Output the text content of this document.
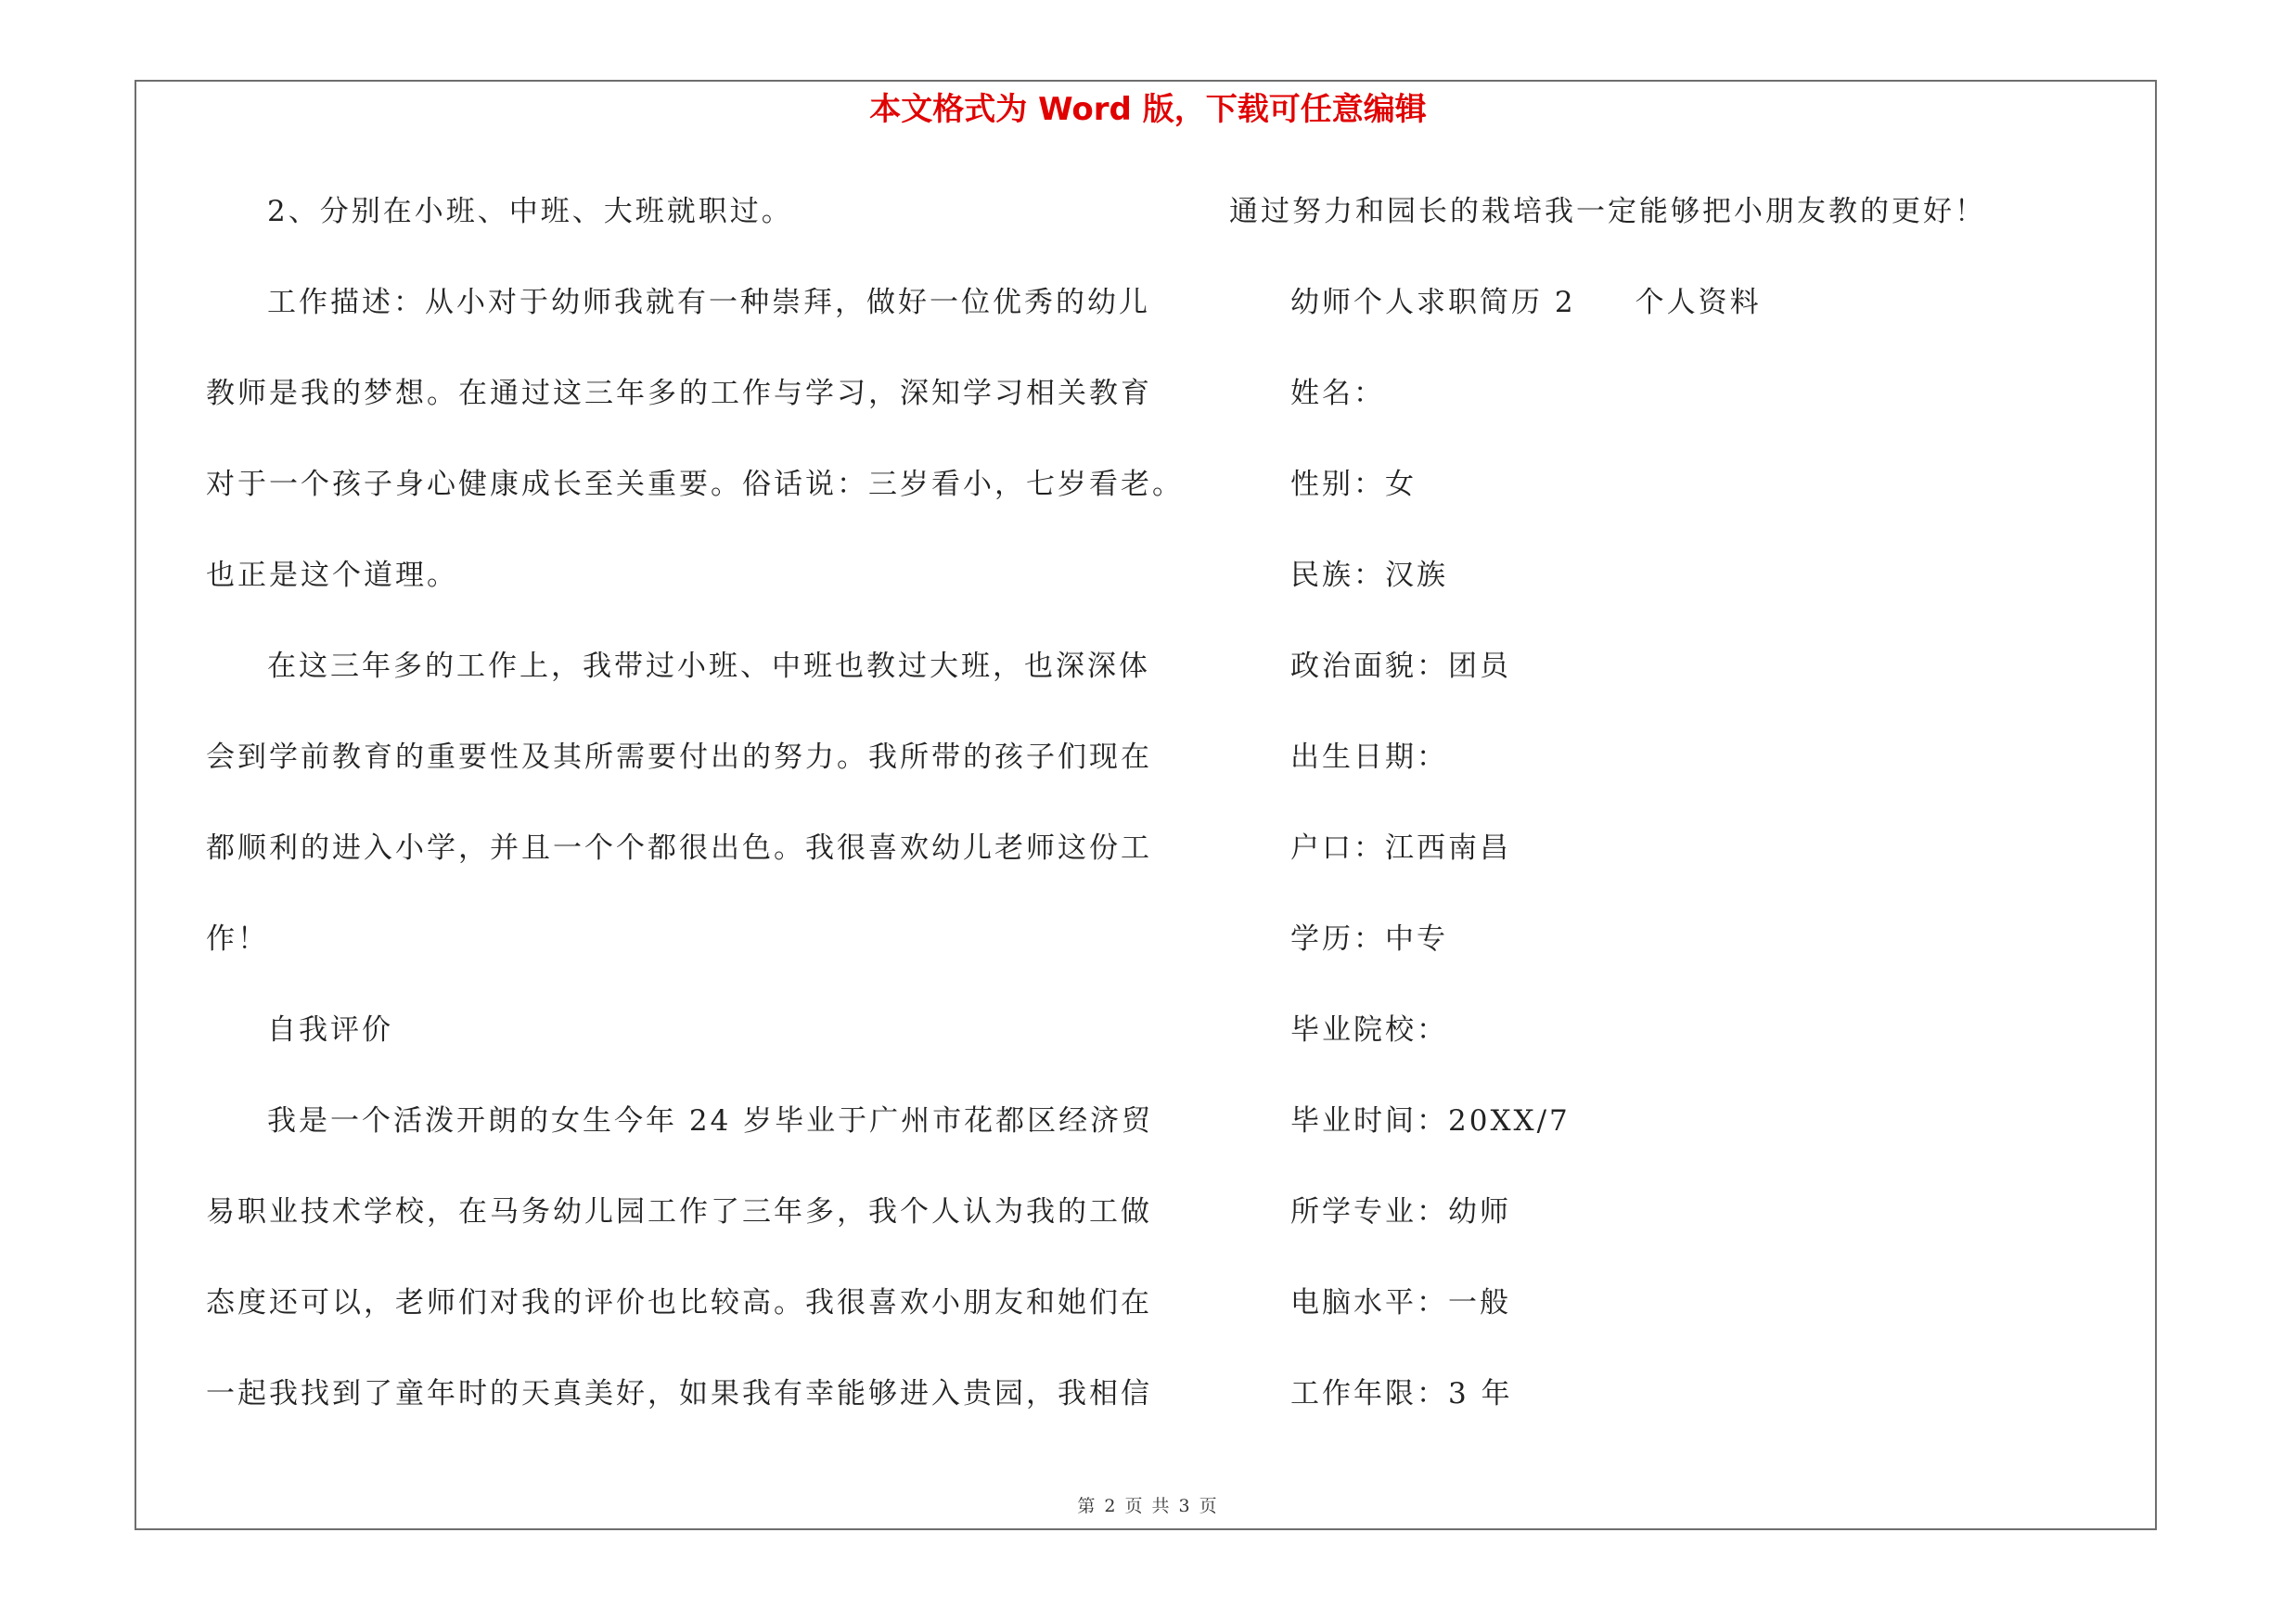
本文格式为 Word 版，下载可任意编辑
2、分别在小班、中班、大班就职过。
工作描述：从小对于幼师我就有一种崇拜，做好一位优秀的幼儿
教师是我的梦想。在通过这三年多的工作与学习，深知学习相关教育
对于一个孩子身心健康成长至关重要。俗话说：三岁看小，七岁看老。
也正是这个道理。
在这三年多的工作上，我带过小班、中班也教过大班，也深深体
会到学前教育的重要性及其所需要付出的努力。我所带的孩子们现在
都顺利的进入小学，并且一个个都很出色。我很喜欢幼儿老师这份工
作！
自我评价
我是一个活泼开朗的女生今年 24 岁毕业于广州市花都区经济贸
易职业技术学校，在马务幼儿园工作了三年多，我个人认为我的工做
态度还可以，老师们对我的评价也比较高。我很喜欢小朋友和她们在
一起我找到了童年时的天真美好，如果我有幸能够进入贵园，我相信
通过努力和园长的栽培我一定能够把小朋友教的更好！
幼师个人求职简历 2 个人资料
姓名：
性别：女
民族：汉族
政治面貌：团员
出生日期：
户口：江西南昌
学历：中专
毕业院校：
毕业时间：20XX/7
所学专业：幼师
电脑水平：一般
工作年限：3 年
第 2 页 共 3 页
